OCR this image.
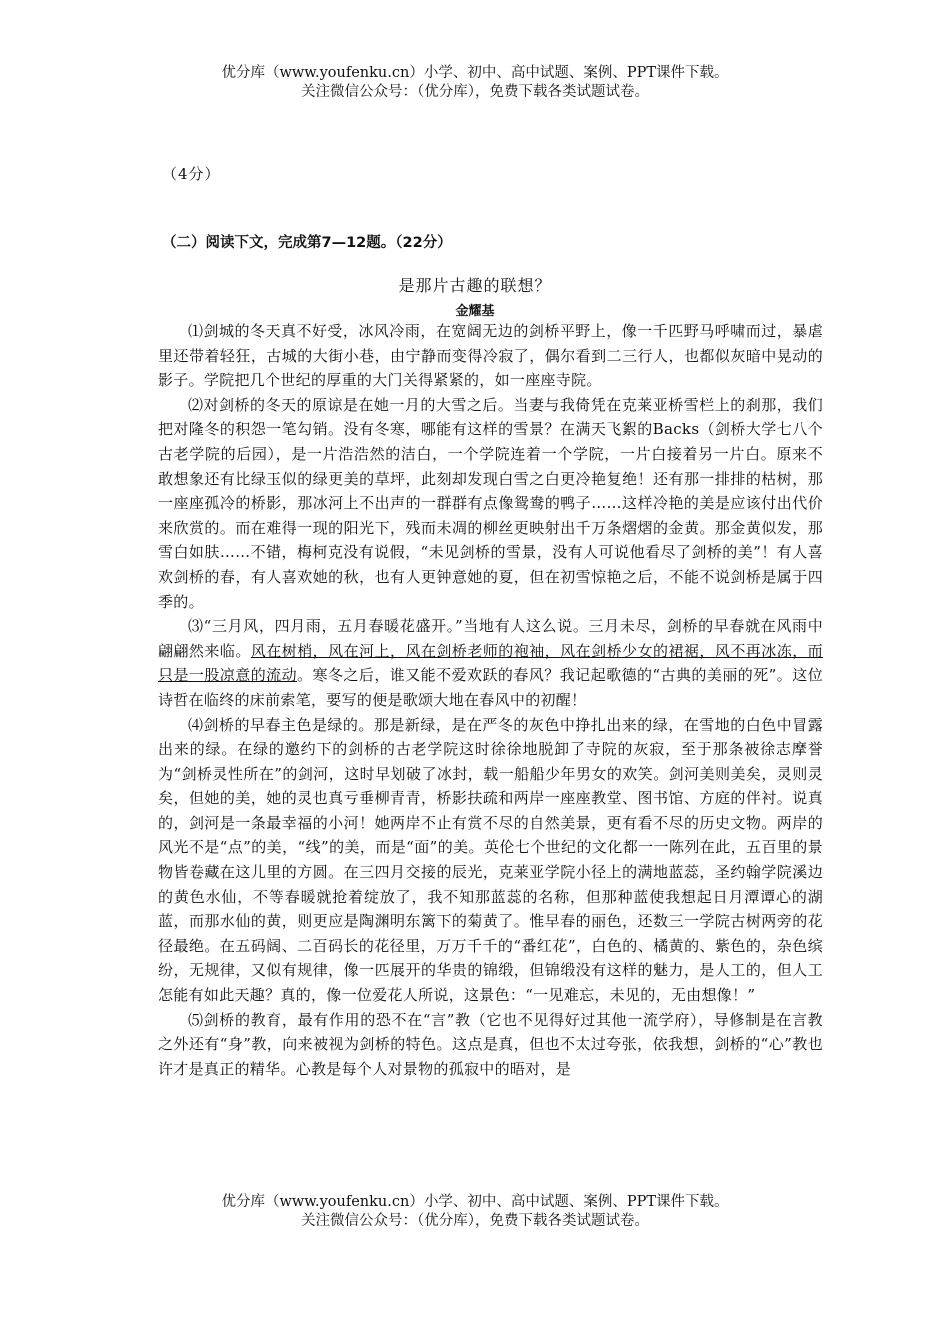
优分库（www.youfenku.cn）小学、初中、高中试题、案例、PPT课件下载。
关注微信公众号：（优分库），免费下载各类试题试卷。
（4分）
（二）阅读下文，完成第7—12题。（22分）
是那片古趣的联想？
金耀基

⑴剑城的冬天真不好受，冰风冷雨，在宽阔无边的剑桥平野上，像一千匹野马呼啸而过，暴虐里还带着轻狂，古城的大街小巷，由宁静而变得冷寂了，偶尔看到二三行人，也都似灰暗中晃动的影子。学院把几个世纪的厚重的大门关得紧紧的，如一座座寺院。

⑵对剑桥的冬天的原谅是在她一月的大雪之后。当妻与我倚凭在克莱亚桥雪栏上的刹那，我们把对隆冬的积怨一笔勾销。没有冬寒，哪能有这样的雪景？在满天飞絮的Backs（剑桥大学七八个古老学院的后园），是一片浩浩然的洁白，一个学院连着一个学院，一片白接着另一片白。原来不敢想象还有比绿玉似的绿更美的草坪，此刻却发现白雪之白更冷艳复绝！还有那一排排的枯树，那一座座孤冷的桥影，那冰河上不出声的一群群有点像鸳鸯的鸭子……这样冷艳的美是应该付出代价来欣赏的。而在难得一现的阳光下，残而未凋的柳丝更映射出千万条熠熠的金黄。那金黄似发，那雪白如肤……不错，梅柯克没有说假，“未见剑桥的雪景，没有人可说他看尽了剑桥的美”！有人喜欢剑桥的春，有人喜欢她的秋，也有人更钟意她的夏，但在初雪惊艳之后，不能不说剑桥是属于四季的。

⑶“三月风，四月雨，五月春暖花盛开。”当地有人这么说。三月未尽，剑桥的早春就在风雨中翩翩然来临。风在树梢，风在河上，风在剑桥老师的袍袖，风在剑桥少女的裙裾，风不再冰冻，而只是一股凉意的流动。寒冬之后，谁又能不爱欢跃的春风？我记起歌德的“古典的美丽的死”。这位诗哲在临终的床前索笔，要写的便是歌颂大地在春风中的初醒！

⑷剑桥的早春主色是绿的。那是新绿，是在严冬的灰色中挣扎出来的绿，在雪地的白色中冒露出来的绿。在绿的邀约下的剑桥的古老学院这时徐徐地脱卸了寺院的灰寂，至于那条被徐志摩誉为“剑桥灵性所在”的剑河，这时早划破了冰封，载一船船少年男女的欢笑。剑河美则美矣，灵则灵矣，但她的美，她的灵也真亏垂柳青青，桥影扶疏和两岸一座座教堂、图书馆、方庭的伴衬。说真的，剑河是一条最幸福的小河！她两岸不止有赏不尽的自然美景，更有看不尽的历史文物。两岸的风光不是“点”的美，“线”的美，而是“面”的美。英伦七个世纪的文化都一一陈列在此，五百里的景物皆卷藏在这儿里的方圆。在三四月交接的辰光，克莱亚学院小径上的满地蓝蕊，圣约翰学院溪边的黄色水仙，不等春暖就抢着绽放了，我不知那蓝蕊的名称，但那种蓝使我想起日月潭谭心的湖蓝，而那水仙的黄，则更应是陶渊明东篱下的菊黄了。惟早春的丽色，还数三一学院古树两旁的花径最绝。在五码阔、二百码长的花径里，万万千千的“番红花”，白色的、橘黄的、紫色的，杂色缤纷，无规律，又似有规律，像一匹展开的华贵的锦缎，但锦缎没有这样的魅力，是人工的，但人工怎能有如此天趣？真的，像一位爱花人所说，这景色：“一见难忘，未见的，无由想像！”

⑸剑桥的教育，最有作用的恐不在“言”教（它也不见得好过其他一流学府），导修制是在言教之外还有“身”教，向来被视为剑桥的特色。这点是真，但也不太过夸张，依我想，剑桥的“心”教也许才是真正的精华。心教是每个人对景物的孤寂中的晤对，是

优分库（www.youfenku.cn）小学、初中、高中试题、案例、PPT课件下载。
关注微信公众号：（优分库），免费下载各类试题试卷。
